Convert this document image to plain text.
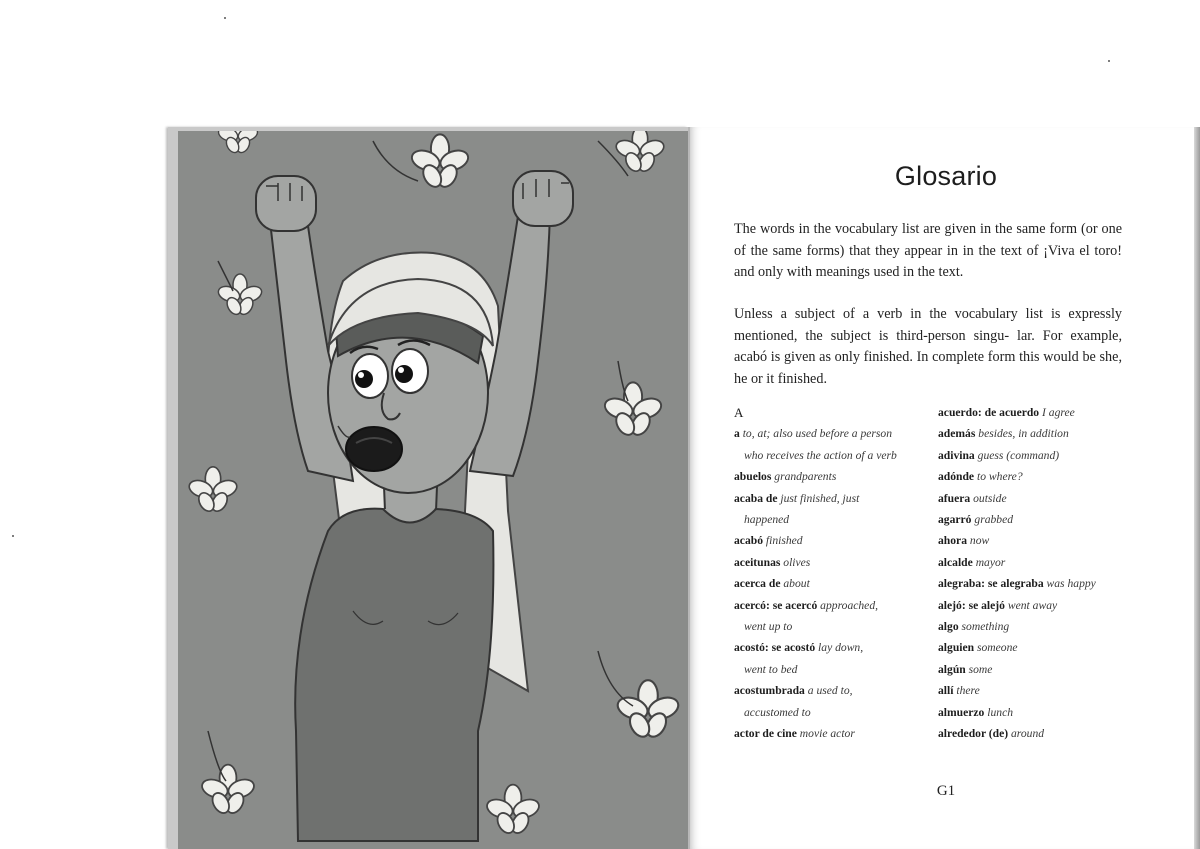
Glosario
The words in the vocabulary list are given in the same form (or one of the same forms) that they appear in in the text of ¡Viva el toro! and only with meanings used in the text.
Unless a subject of a verb in the vocabulary list is expressly mentioned, the subject is third-person singu- lar. For example, acabó is given as only finished. In complete form this would be she, he or it finished.
A
a to, at; also used before a person
who receives the action of a verb
abuelos grandparents
acaba de just finished, just
happened
acabó finished
aceitunas olives
acerca de about
acercó: se acercó approached,
went up to
acostó: se acostó lay down,
went to bed
acostumbrada a used to,
accustomed to
actor de cine movie actor
acuerdo: de acuerdo I agree
además besides, in addition
adivina guess (command)
adónde to where?
afuera outside
agarró grabbed
ahora now
alcalde mayor
alegraba: se alegraba was happy
alejó: se alejó went away
algo something
alguien someone
algún some
allí there
almuerzo lunch
alrededor (de) around
G1
